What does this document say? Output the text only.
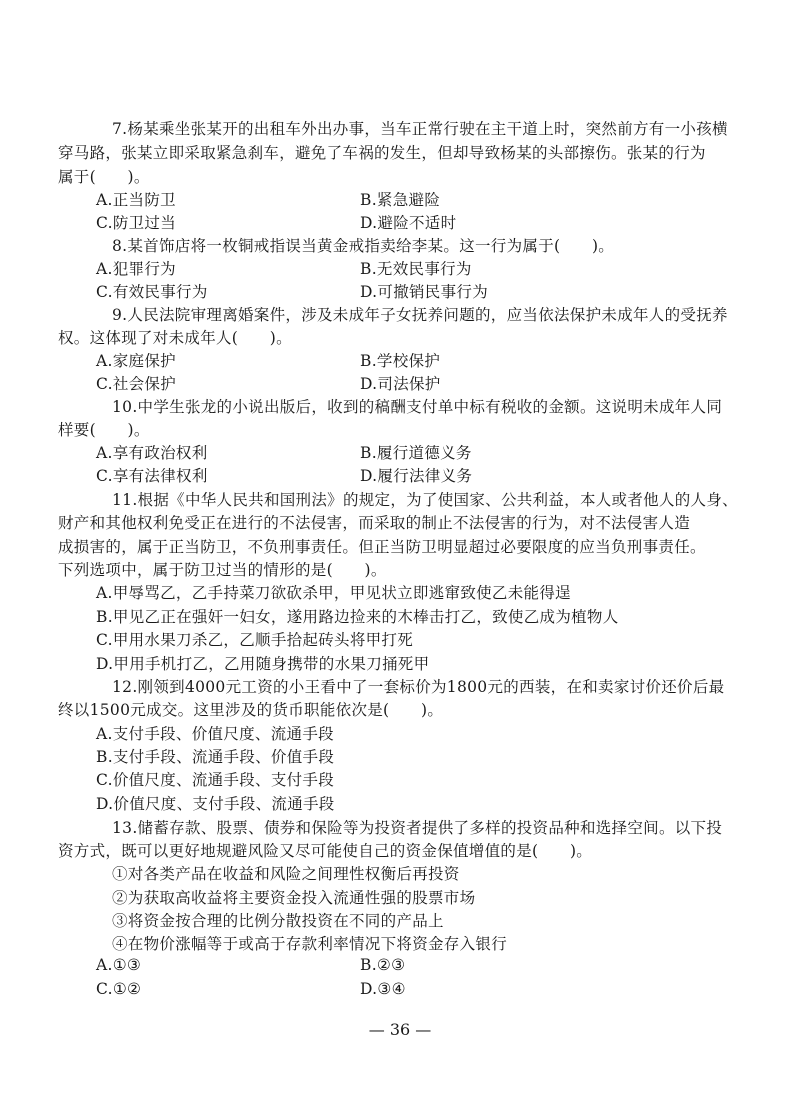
7.杨某乘坐张某开的出租车外出办事，当车正常行驶在主干道上时，突然前方有一小孩横
穿马路，张某立即采取紧急刹车，避免了车祸的发生，但却导致杨某的头部擦伤。张某的行为
属于(　　)。
A.正当防卫	B.紧急避险
C.防卫过当	D.避险不适时
8.某首饰店将一枚铜戒指误当黄金戒指卖给李某。这一行为属于(　　)。
A.犯罪行为	B.无效民事行为
C.有效民事行为	D.可撤销民事行为
9.人民法院审理离婚案件，涉及未成年子女抚养问题的，应当依法保护未成年人的受抚养
权。这体现了对未成年人(　　)。
A.家庭保护	B.学校保护
C.社会保护	D.司法保护
10.中学生张龙的小说出版后，收到的稿酬支付单中标有税收的金额。这说明未成年人同
样要(　　)。
A.享有政治权利	B.履行道德义务
C.享有法律权利	D.履行法律义务
11.根据《中华人民共和国刑法》的规定，为了使国家、公共利益，本人或者他人的人身、
财产和其他权利免受正在进行的不法侵害，而采取的制止不法侵害的行为，对不法侵害人造
成损害的，属于正当防卫，不负刑事责任。但正当防卫明显超过必要限度的应当负刑事责任。
下列选项中，属于防卫过当的情形的是(　　)。
A.甲辱骂乙，乙手持菜刀欲砍杀甲，甲见状立即逃窜致使乙未能得逞
B.甲见乙正在强奸一妇女，遂用路边捡来的木棒击打乙，致使乙成为植物人
C.甲用水果刀杀乙，乙顺手拾起砖头将甲打死
D.甲用手机打乙，乙用随身携带的水果刀捅死甲
12.刚领到4000元工资的小王看中了一套标价为1800元的西装，在和卖家讨价还价后最
终以1500元成交。这里涉及的货币职能依次是(　　)。
A.支付手段、价值尺度、流通手段
B.支付手段、流通手段、价值手段
C.价值尺度、流通手段、支付手段
D.价值尺度、支付手段、流通手段
13.储蓄存款、股票、债券和保险等为投资者提供了多样的投资品种和选择空间。以下投
资方式，既可以更好地规避风险又尽可能使自己的资金保值增值的是(　　)。
①对各类产品在收益和风险之间理性权衡后再投资
②为获取高收益将主要资金投入流通性强的股票市场
③将资金按合理的比例分散投资在不同的产品上
④在物价涨幅等于或高于存款利率情况下将资金存入银行
A.①③	B.②③
C.①②	D.③④
— 36 —
